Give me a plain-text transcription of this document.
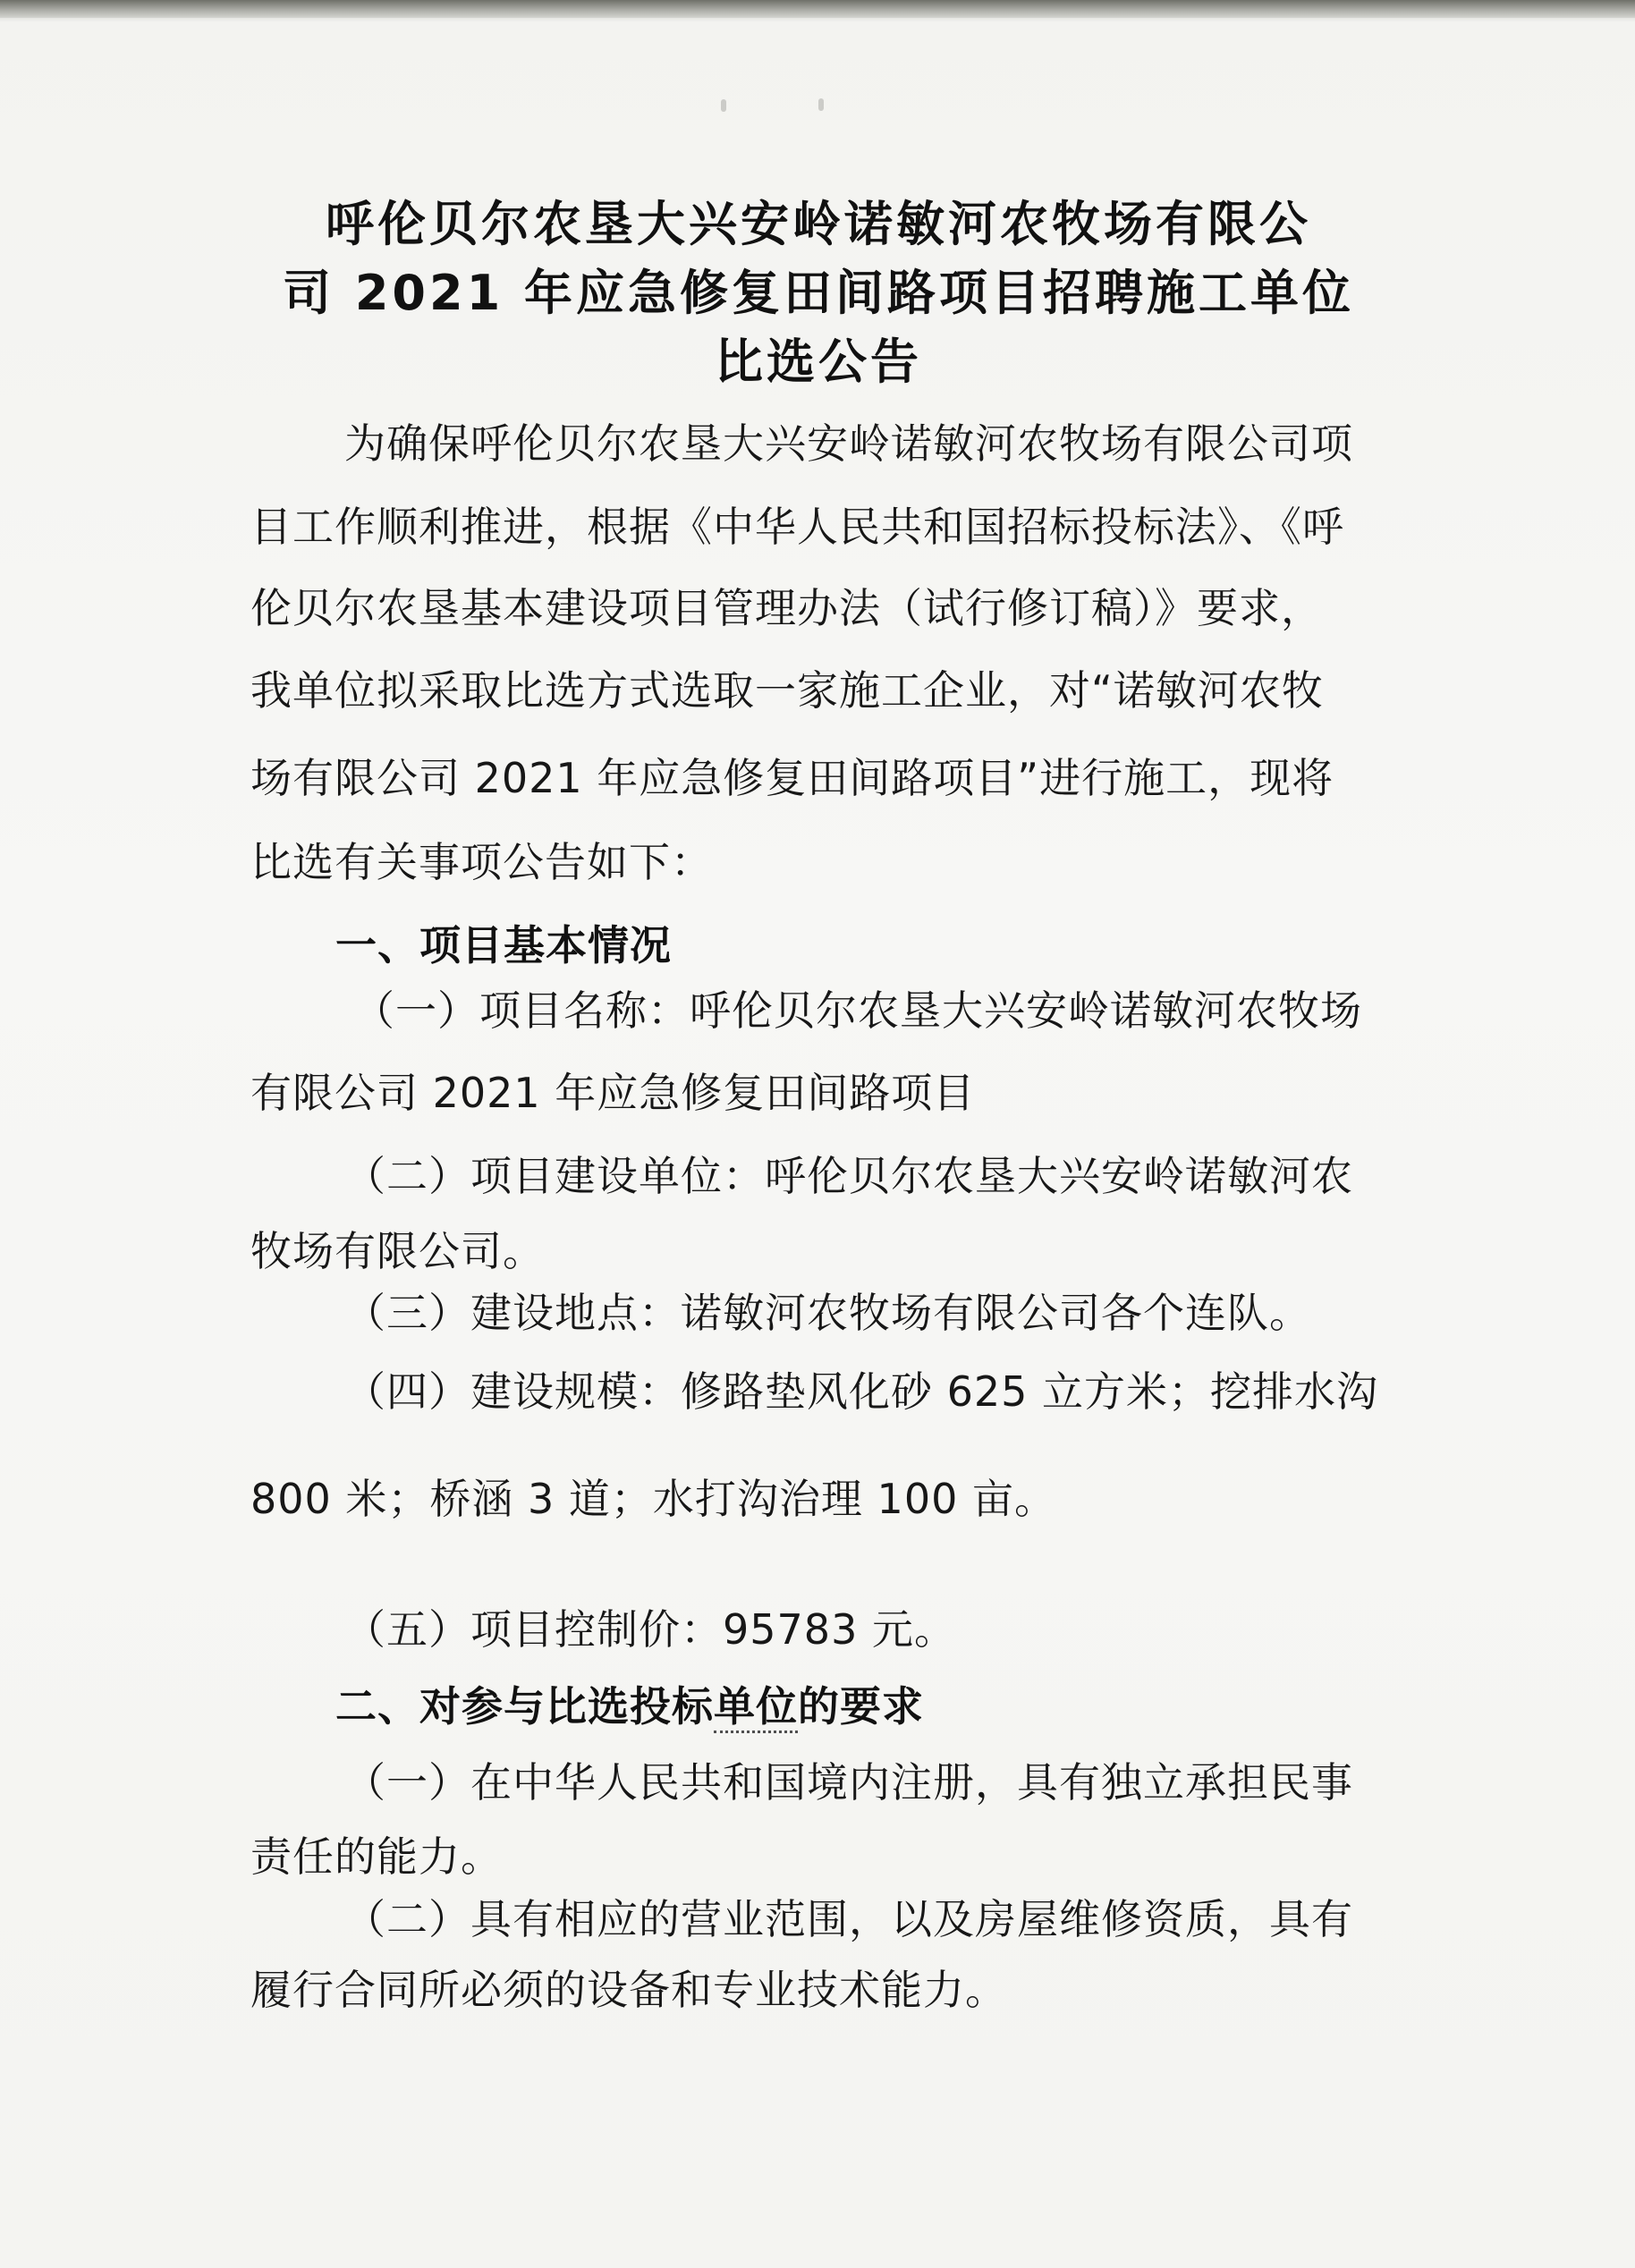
呼伦贝尔农垦大兴安岭诺敏河农牧场有限公
司 2021 年应急修复田间路项目招聘施工单位
比选公告

为确保呼伦贝尔农垦大兴安岭诺敏河农牧场有限公司项

目工作顺利推进，根据《中华人民共和国招标投标法》、《呼

伦贝尔农垦基本建设项目管理办法（试行修订稿）》要求，

我单位拟采取比选方式选取一家施工企业，对“诺敏河农牧

场有限公司 2021 年应急修复田间路项目”进行施工，现将

比选有关事项公告如下：

一、项目基本情况

（一）项目名称：呼伦贝尔农垦大兴安岭诺敏河农牧场

有限公司 2021 年应急修复田间路项目

（二）项目建设单位：呼伦贝尔农垦大兴安岭诺敏河农

牧场有限公司。

（三）建设地点：诺敏河农牧场有限公司各个连队。

（四）建设规模：修路垫风化砂 625 立方米；挖排水沟

800 米；桥涵 3 道；水打沟治理 100 亩。

（五）项目控制价：95783 元。

二、对参与比选投标单位的要求

（一）在中华人民共和国境内注册，具有独立承担民事

责任的能力。

（二）具有相应的营业范围，以及房屋维修资质，具有

履行合同所必须的设备和专业技术能力。
